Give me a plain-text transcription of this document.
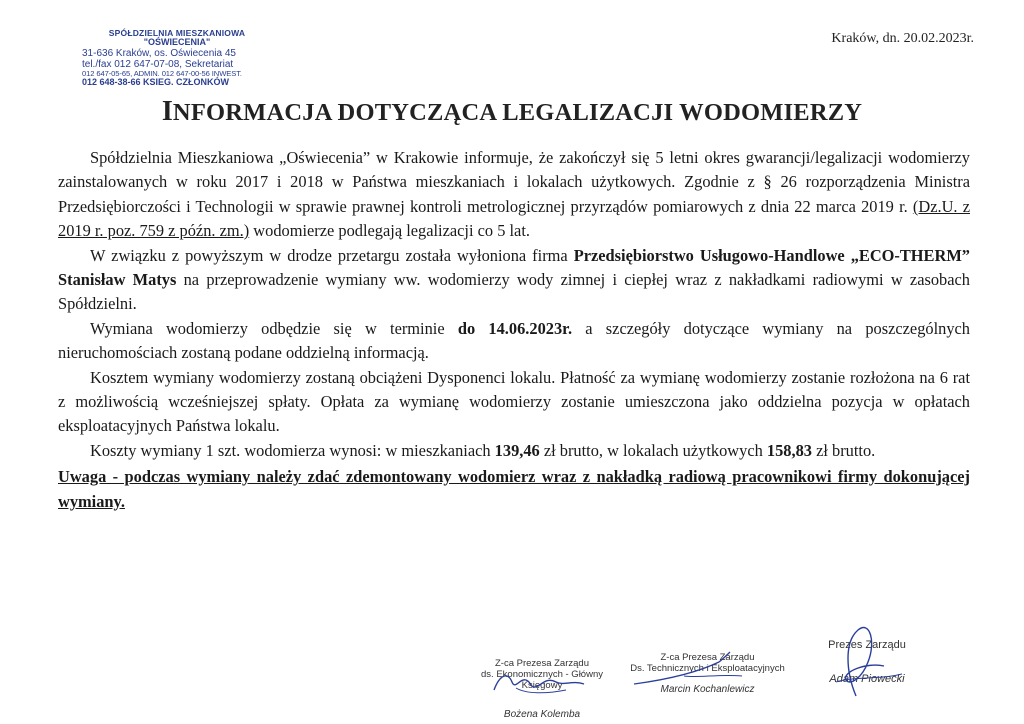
SPÓŁDZIELNIA MIESZKANIOWA
"OŚWIECENIA"
31-636 Kraków, os. Oświecenia 45
tel./fax 012 647-07-08, Sekretariat
012 647-05-65, ADMIN. 012 647-00-56 INWEST.
012 648-38-66 KSIEG. CZŁONKÓW
Kraków, dn. 20.02.2023r.
INFORMACJA DOTYCZĄCA LEGALIZACJI WODOMIERZY

Spółdzielnia Mieszkaniowa „Oświecenia” w Krakowie informuje, że zakończył się 5 letni okres gwarancji/legalizacji wodomierzy zainstalowanych w roku 2017 i 2018 w Państwa mieszkaniach i lokalach użytkowych. Zgodnie z § 26 rozporządzenia Ministra Przedsiębiorczości i Technologii w sprawie prawnej kontroli metrologicznej przyrządów pomiarowych z dnia 22 marca 2019 r. (Dz.U. z 2019 r. poz. 759 z późn. zm.) wodomierze podlegają legalizacji co 5 lat.

W związku z powyższym w drodze przetargu została wyłoniona firma Przedsiębiorstwo Usługowo-Handlowe „ECO-THERM” Stanisław Matys na przeprowadzenie wymiany ww. wodomierzy wody zimnej i ciepłej wraz z nakładkami radiowymi w zasobach Spółdzielni.

Wymiana wodomierzy odbędzie się w terminie do 14.06.2023r. a szczegóły dotyczące wymiany na poszczególnych nieruchomościach zostaną podane oddzielną informacją.

Kosztem wymiany wodomierzy zostaną obciążeni Dysponenci lokalu. Płatność za wymianę wodomierzy zostanie rozłożona na 6 rat z możliwością wcześniejszej spłaty. Opłata za wymianę wodomierzy zostanie umieszczona jako oddzielna pozycja w opłatach eksploatacyjnych Państwa lokalu.

Koszty wymiany 1 szt. wodomierza wynosi: w mieszkaniach 139,46 zł brutto, w lokalach użytkowych 158,83 zł brutto.

Uwaga - podczas wymiany należy zdać zdemontowany wodomierz wraz z nakładką radiową pracownikowi firmy dokonującej wymiany.

Z-ca Prezesa Zarządu
ds. Ekonomicznych - Główny Księgowy
Bożena Kolemba
Z-ca Prezesa Zarządu
Ds. Technicznych i Eksploatacyjnych
Marcin Kochanlewicz
Prezes Zarządu
Adam Piowecki
